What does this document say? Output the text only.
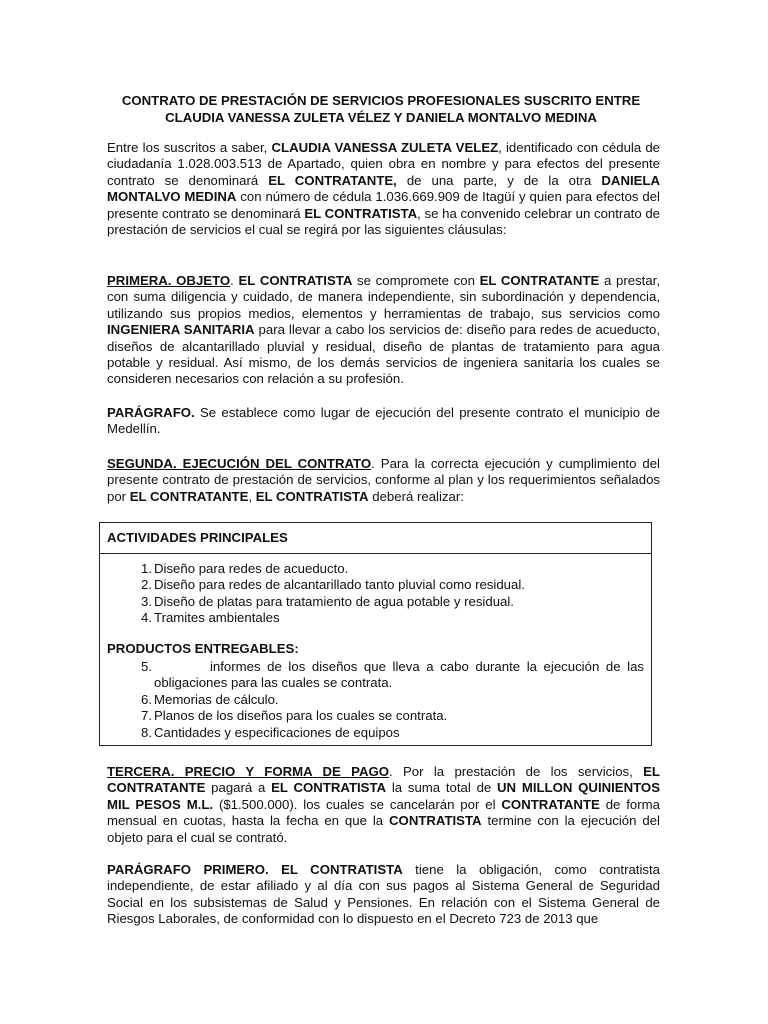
CONTRATO DE PRESTACIÓN DE SERVICIOS PROFESIONALES SUSCRITO ENTRE
CLAUDIA VANESSA ZULETA VÉLEZ Y DANIELA MONTALVO MEDINA
Entre los suscritos a saber, CLAUDIA VANESSA ZULETA VELEZ, identificado con cédula de ciudadanía 1.028.003.513 de Apartado, quien obra en nombre y para efectos del presente contrato se denominará EL CONTRATANTE, de una parte, y de la otra DANIELA MONTALVO MEDINA con número de cédula 1.036.669.909 de Itagüí y quien para efectos del presente contrato se denominará EL CONTRATISTA, se ha convenido celebrar un contrato de prestación de servicios el cual se regirá por las siguientes cláusulas:
PRIMERA. OBJETO. EL CONTRATISTA se compromete con EL CONTRATANTE a prestar, con suma diligencia y cuidado, de manera independiente, sin subordinación y dependencia, utilizando sus propios medios, elementos y herramientas de trabajo, sus servicios como INGENIERA SANITARIA para llevar a cabo los servicios de: diseño para redes de acueducto, diseños de alcantarillado pluvial y residual, diseño de plantas de tratamiento para agua potable y residual. Así mismo, de los demás servicios de ingeniera sanitaria los cuales se consideren necesarios con relación a su profesión.
PARÁGRAFO. Se establece como lugar de ejecución del presente contrato el municipio de Medellín.
SEGUNDA. EJECUCIÓN DEL CONTRATO. Para la correcta ejecución y cumplimiento del presente contrato de prestación de servicios, conforme al plan y los requerimientos señalados por EL CONTRATANTE, EL CONTRATISTA deberá realizar:
ACTIVIDADES PRINCIPALES
1. Diseño para redes de acueducto.
2. Diseño para redes de alcantarillado tanto pluvial como residual.
3. Diseño de platas para tratamiento de agua potable y residual.
4. Tramites ambientales
PRODUCTOS ENTREGABLES:
5.	informes de los diseños que lleva a cabo durante la ejecución de las obligaciones para las cuales se contrata.
6. Memorias de cálculo.
7. Planos de los diseños para los cuales se contrata.
8. Cantidades y especificaciones de equipos
TERCERA. PRECIO Y FORMA DE PAGO. Por la prestación de los servicios, EL CONTRATANTE pagará a EL CONTRATISTA la suma total de UN MILLON QUINIENTOS MIL PESOS M.L. ($1.500.000). los cuales se cancelarán por el CONTRATANTE de forma mensual en cuotas, hasta la fecha en que la CONTRATISTA termine con la ejecución del objeto para el cual se contrató.
PARÁGRAFO PRIMERO. EL CONTRATISTA tiene la obligación, como contratista independiente, de estar afiliado y al día con sus pagos al Sistema General de Seguridad Social en los subsistemas de Salud y Pensiones. En relación con el Sistema General de Riesgos Laborales, de conformidad con lo dispuesto en el Decreto 723 de 2013 que
